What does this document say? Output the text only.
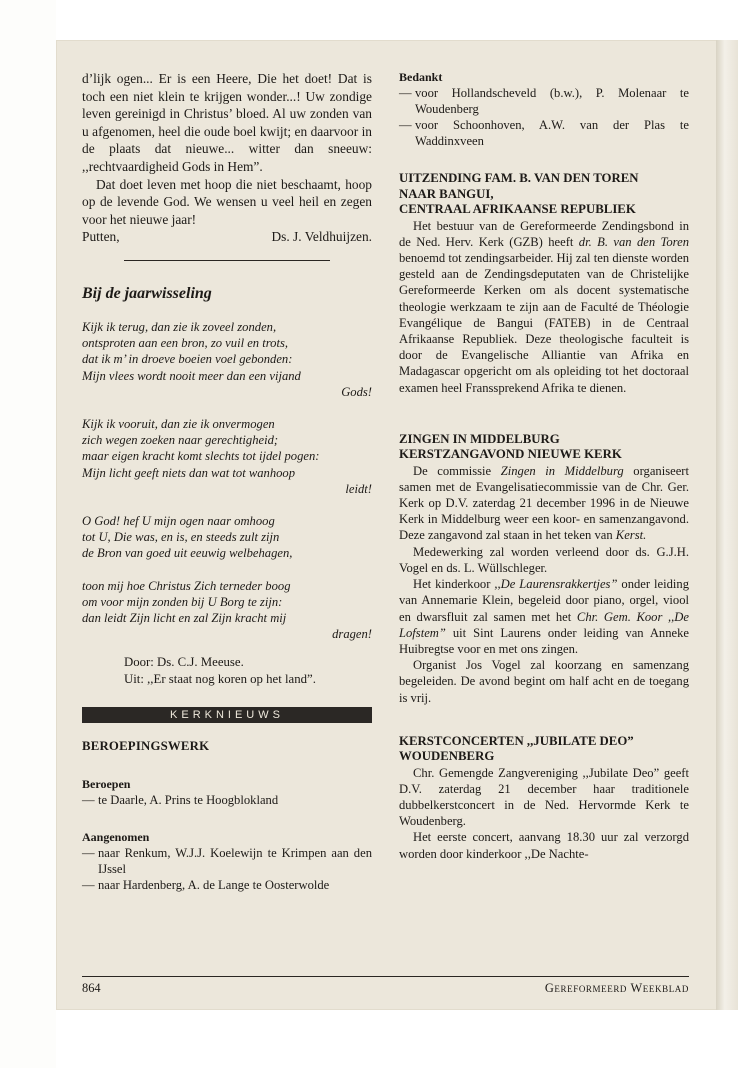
d’lijk ogen... Er is een Heere, Die het doet! Dat is toch een niet klein te krijgen wonder...! Uw zondige leven gereinigd in Christus’ bloed. Al uw zonden van u afgenomen, heel die oude boel kwijt; en daarvoor in de plaats dat nieuwe... witter dan sneeuw: ,,rechtvaardigheid Gods in Hem”.

Dat doet leven met hoop die niet beschaamt, hoop op de levende God. We wensen u veel heil en zegen voor het nieuwe jaar!

Putten,	Ds. J. Veldhuijzen.
Bij de jaarwisseling
Kijk ik terug, dan zie ik zoveel zonden,
ontsproten aan een bron, zo vuil en trots,
dat ik m’ in droeve boeien voel gebonden:
Mijn vlees wordt nooit meer dan een vijand
Gods!
Kijk ik vooruit, dan zie ik onvermogen
zich wegen zoeken naar gerechtigheid;
maar eigen kracht komt slechts tot ijdel pogen:
Mijn licht geeft niets dan wat tot wanhoop
leidt!
O God! hef U mijn ogen naar omhoog
tot U, Die was, en is, en steeds zult zijn
de Bron van goed uit eeuwig welbehagen,
toon mij hoe Christus Zich terneder boog
om voor mijn zonden bij U Borg te zijn:
dan leidt Zijn licht en zal Zijn kracht mij
dragen!
Door: Ds. C.J. Meeuse.
Uit: ,,Er staat nog koren op het land”.
KERKNIEUWS
BEROEPINGSWERK
Beroepen
— te Daarle, A. Prins te Hoogblokland
Aangenomen
— naar Renkum, W.J.J. Koelewijn te Krimpen aan den IJssel
— naar Hardenberg, A. de Lange te Oosterwolde
Bedankt
— voor Hollandscheveld (b.w.), P. Molenaar te Woudenberg
— voor Schoonhoven, A.W. van der Plas te Waddinxveen
UITZENDING FAM. B. VAN DEN TOREN
NAAR BANGUI,
CENTRAAL AFRIKAANSE REPUBLIEK

Het bestuur van de Gereformeerde Zendingsbond in de Ned. Herv. Kerk (GZB) heeft dr. B. van den Toren benoemd tot zendingsarbeider. Hij zal ten dienste worden gesteld aan de Zendingsdeputaten van de Christelijke Gereformeerde Kerken om als docent systematische theologie werkzaam te zijn aan de Faculté de Théologie Evangélique de Bangui (FATEB) in de Centraal Afrikaanse Republiek. Deze theologische faculteit is door de Evangelische Alliantie van Afrika en Madagascar opgericht om als opleiding tot het doctoraal examen heel Franssprekend Afrika te dienen.

ZINGEN IN MIDDELBURG
KERSTZANGAVOND NIEUWE KERK

De commissie Zingen in Middelburg organiseert samen met de Evangelisatiecommissie van de Chr. Ger. Kerk op D.V. zaterdag 21 december 1996 in de Nieuwe Kerk in Middelburg weer een koor- en samenzangavond. Deze zangavond zal staan in het teken van Kerst.

Medewerking zal worden verleend door ds. G.J.H. Vogel en ds. L. Wüllschleger.

Het kinderkoor ,,De Laurensrakkertjes” onder leiding van Annemarie Klein, begeleid door piano, orgel, viool en dwarsfluit zal samen met het Chr. Gem. Koor ,,De Lofstem” uit Sint Laurens onder leiding van Anneke Huibregtse voor en met ons zingen.

Organist Jos Vogel zal koorzang en samenzang begeleiden. De avond begint om half acht en de toegang is vrij.

KERSTCONCERTEN ,,JUBILATE DEO”
WOUDENBERG

Chr. Gemengde Zangvereniging ,,Jubilate Deo” geeft D.V. zaterdag 21 december haar traditionele dubbelkerstconcert in de Ned. Hervormde Kerk te Woudenberg.

Het eerste concert, aanvang 18.30 uur zal verzorgd worden door kinderkoor ,,De Nachte-

864	Gereformeerd Weekblad
